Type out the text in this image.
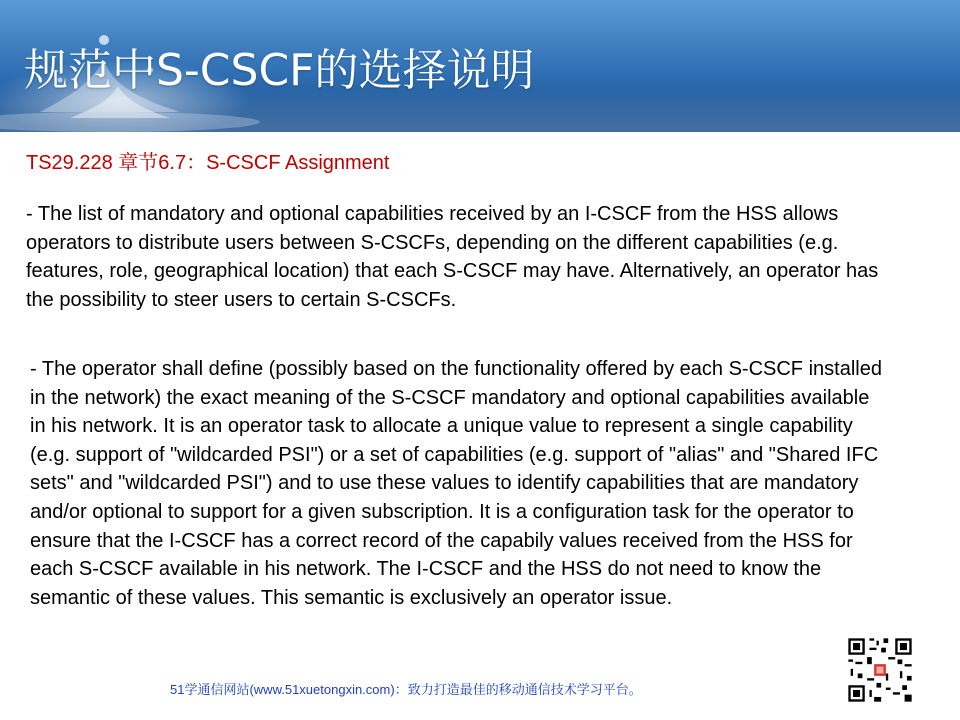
规范中S-CSCF的选择说明
TS29.228 章节6.7：S-CSCF Assignment

- The list of mandatory and optional capabilities received by an I-CSCF from the HSS allows operators to distribute users between S-CSCFs, depending on the different capabilities (e.g. features, role, geographical location) that each S-CSCF may have. Alternatively, an operator has the possibility to steer users to certain S-CSCFs.

- The operator shall define (possibly based on the functionality offered by each S-CSCF installed in the network) the exact meaning of the S-CSCF mandatory and optional capabilities available in his network. It is an operator task to allocate a unique value to represent a single capability (e.g. support of "wildcarded PSI") or a set of capabilities (e.g. support of "alias" and "Shared IFC sets" and "wildcarded PSI") and to use these values to identify capabilities that are mandatory and/or optional to support for a given subscription. It is a configuration task for the operator to ensure that the I-CSCF has a correct record of the capabily values received from the HSS for each S-CSCF available in his network. The I-CSCF and the HSS do not need to know the semantic of these values. This semantic is exclusively an operator issue.

51学通信网站(www.51xuetongxin.com)：致力打造最佳的移动通信技术学习平台。
